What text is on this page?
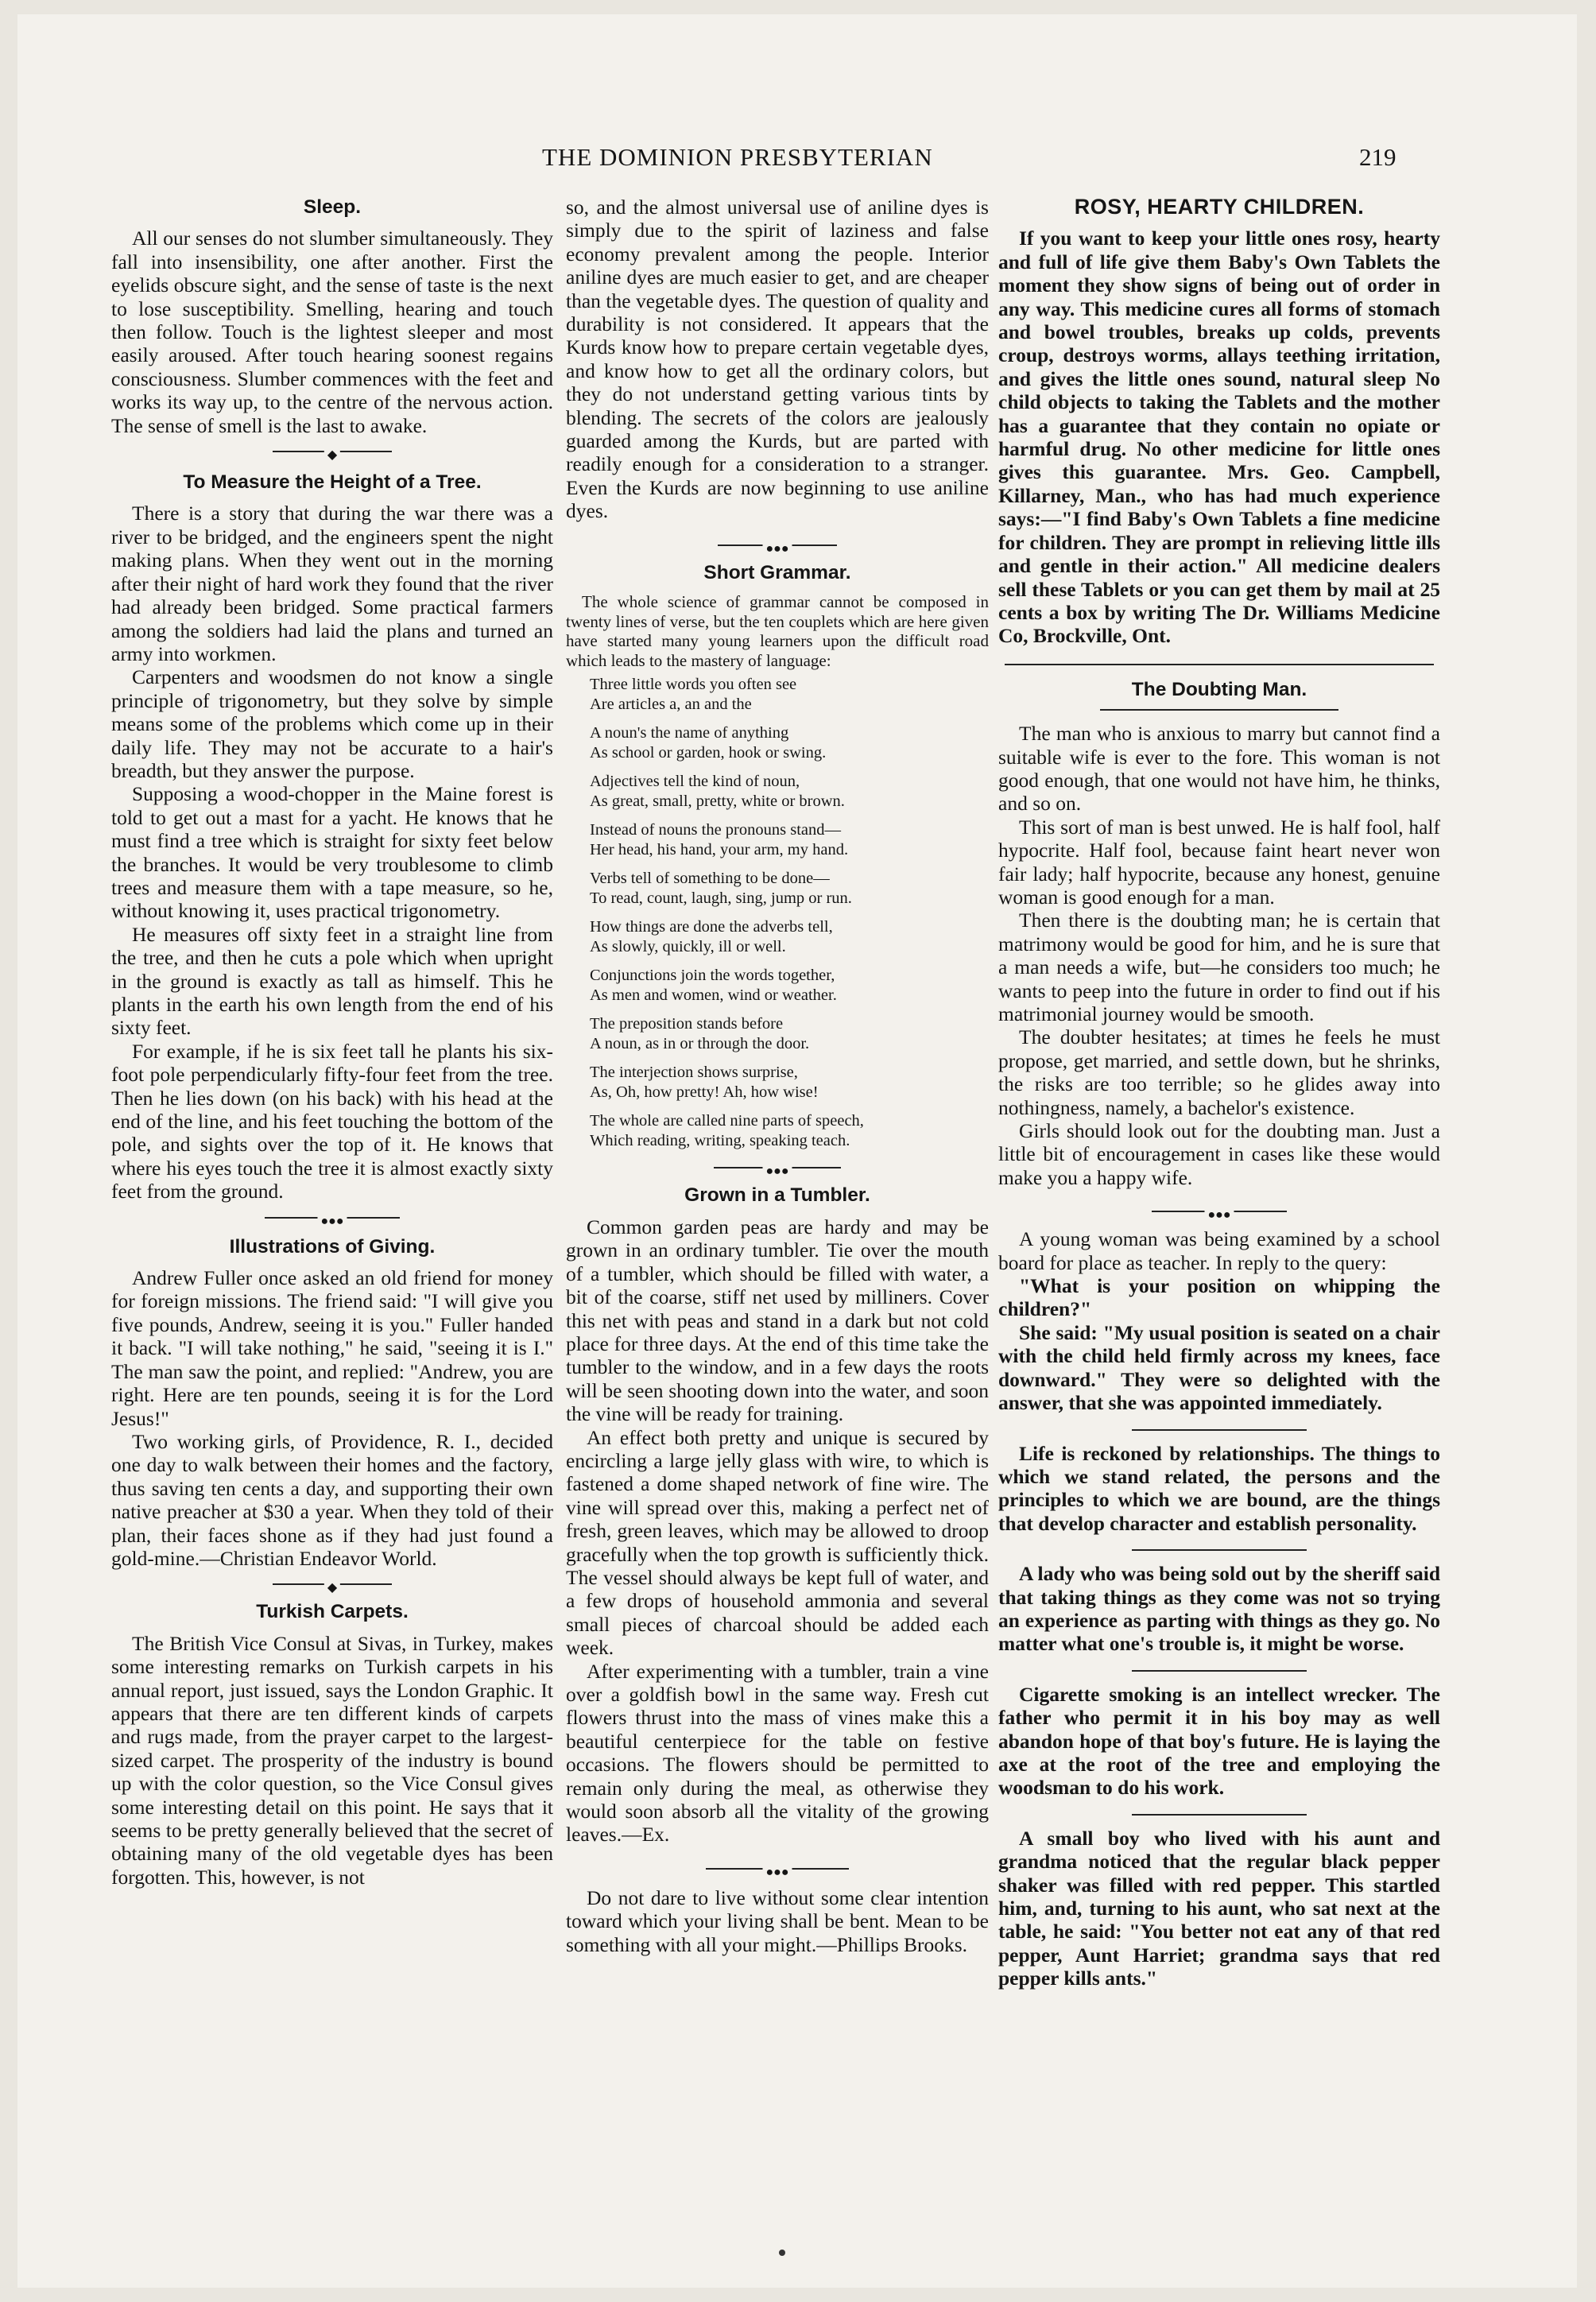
THE DOMINION PRESBYTERIAN	219
Sleep.

All our senses do not slumber simultaneously. They fall into insensibility, one after another. First the eyelids obscure sight, and the sense of taste is the next to lose susceptibility. Smelling, hearing and touch then follow. Touch is the lightest sleeper and most easily aroused. After touch hearing soonest regains consciousness. Slumber commences with the feet and works its way up, to the centre of the nervous action. The sense of smell is the last to awake.

◆
To Measure the Height of a Tree.

There is a story that during the war there was a river to be bridged, and the engineers spent the night making plans. When they went out in the morning after their night of hard work they found that the river had already been bridged. Some practical farmers among the soldiers had laid the plans and turned an army into workmen.

Carpenters and woodsmen do not know a single principle of trigonometry, but they solve by simple means some of the problems which come up in their daily life. They may not be accurate to a hair's breadth, but they answer the purpose.

Supposing a wood-chopper in the Maine forest is told to get out a mast for a yacht. He knows that he must find a tree which is straight for sixty feet below the branches. It would be very troublesome to climb trees and measure them with a tape measure, so he, without knowing it, uses practical trigonometry.

He measures off sixty feet in a straight line from the tree, and then he cuts a pole which when upright in the ground is exactly as tall as himself. This he plants in the earth his own length from the end of his sixty feet.

For example, if he is six feet tall he plants his six-foot pole perpendicularly fifty-four feet from the tree. Then he lies down (on his back) with his head at the end of the line, and his feet touching the bottom of the pole, and sights over the top of it. He knows that where his eyes touch the tree it is almost exactly sixty feet from the ground.

●●●
Illustrations of Giving.

Andrew Fuller once asked an old friend for money for foreign missions. The friend said: "I will give you five pounds, Andrew, seeing it is you." Fuller handed it back. "I will take nothing," he said, "seeing it is I." The man saw the point, and replied: "Andrew, you are right. Here are ten pounds, seeing it is for the Lord Jesus!"

Two working girls, of Providence, R. I., decided one day to walk between their homes and the factory, thus saving ten cents a day, and supporting their own native preacher at $30 a year. When they told of their plan, their faces shone as if they had just found a gold-mine.—Christian Endeavor World.

◆
Turkish Carpets.

The British Vice Consul at Sivas, in Turkey, makes some interesting remarks on Turkish carpets in his annual report, just issued, says the London Graphic. It appears that there are ten different kinds of carpets and rugs made, from the prayer carpet to the largest-sized carpet. The prosperity of the industry is bound up with the color question, so the Vice Consul gives some interesting detail on this point. He says that it seems to be pretty generally believed that the secret of obtaining many of the old vegetable dyes has been forgotten. This, however, is not

so, and the almost universal use of aniline dyes is simply due to the spirit of laziness and false economy prevalent among the people. Interior aniline dyes are much easier to get, and are cheaper than the vegetable dyes. The question of quality and durability is not considered. It appears that the Kurds know how to prepare certain vegetable dyes, and know how to get all the ordinary colors, but they do not understand getting various tints by blending. The secrets of the colors are jealously guarded among the Kurds, but are parted with readily enough for a consideration to a stranger. Even the Kurds are now beginning to use aniline dyes.

●●●
Short Grammar.

The whole science of grammar cannot be composed in twenty lines of verse, but the ten couplets which are here given have started many young learners upon the difficult road which leads to the mastery of language:

Three little words you often see
Are articles a, an and the
A noun's the name of anything
As school or garden, hook or swing.
Adjectives tell the kind of noun,
As great, small, pretty, white or brown.
Instead of nouns the pronouns stand—
Her head, his hand, your arm, my hand.
Verbs tell of something to be done—
To read, count, laugh, sing, jump or run.
How things are done the adverbs tell,
As slowly, quickly, ill or well.
Conjunctions join the words together,
As men and women, wind or weather.
The preposition stands before
A noun, as in or through the door.
The interjection shows surprise,
As, Oh, how pretty! Ah, how wise!
The whole are called nine parts of speech,
Which reading, writing, speaking teach.
●●●
Grown in a Tumbler.

Common garden peas are hardy and may be grown in an ordinary tumbler. Tie over the mouth of a tumbler, which should be filled with water, a bit of the coarse, stiff net used by milliners. Cover this net with peas and stand in a dark but not cold place for three days. At the end of this time take the tumbler to the window, and in a few days the roots will be seen shooting down into the water, and soon the vine will be ready for training.

An effect both pretty and unique is secured by encircling a large jelly glass with wire, to which is fastened a dome shaped network of fine wire. The vine will spread over this, making a perfect net of fresh, green leaves, which may be allowed to droop gracefully when the top growth is sufficiently thick. The vessel should always be kept full of water, and a few drops of household ammonia and several small pieces of charcoal should be added each week.

After experimenting with a tumbler, train a vine over a goldfish bowl in the same way. Fresh cut flowers thrust into the mass of vines make this a beautiful centerpiece for the table on festive occasions. The flowers should be permitted to remain only during the meal, as otherwise they would soon absorb all the vitality of the growing leaves.—Ex.

●●●

Do not dare to live without some clear intention toward which your living shall be bent. Mean to be something with all your might.—Phillips Brooks.

ROSY, HEARTY CHILDREN.

If you want to keep your little ones rosy, hearty and full of life give them Baby's Own Tablets the moment they show signs of being out of order in any way. This medicine cures all forms of stomach and bowel troubles, breaks up colds, prevents croup, destroys worms, allays teething irritation, and gives the little ones sound, natural sleep No child objects to taking the Tablets and the mother has a guarantee that they contain no opiate or harmful drug. No other medicine for little ones gives this guarantee. Mrs. Geo. Campbell, Killarney, Man., who has had much experience says:—"I find Baby's Own Tablets a fine medicine for children. They are prompt in relieving little ills and gentle in their action." All medicine dealers sell these Tablets or you can get them by mail at 25 cents a box by writing The Dr. Williams Medicine Co, Brockville, Ont.

The Doubting Man.

The man who is anxious to marry but cannot find a suitable wife is ever to the fore. This woman is not good enough, that one would not have him, he thinks, and so on.

This sort of man is best unwed. He is half fool, half hypocrite. Half fool, because faint heart never won fair lady; half hypocrite, because any honest, genuine woman is good enough for a man.

Then there is the doubting man; he is certain that matrimony would be good for him, and he is sure that a man needs a wife, but—he considers too much; he wants to peep into the future in order to find out if his matrimonial journey would be smooth.

The doubter hesitates; at times he feels he must propose, get married, and settle down, but he shrinks, the risks are too terrible; so he glides away into nothingness, namely, a bachelor's existence.

Girls should look out for the doubting man. Just a little bit of encouragement in cases like these would make you a happy wife.

●●●

A young woman was being examined by a school board for place as teacher. In reply to the query:

"What is your position on whipping the children?"

She said: "My usual position is seated on a chair with the child held firmly across my knees, face downward." They were so delighted with the answer, that she was appointed immediately.

Life is reckoned by relationships. The things to which we stand related, the persons and the principles to which we are bound, are the things that develop character and establish personality.

A lady who was being sold out by the sheriff said that taking things as they come was not so trying an experience as parting with things as they go. No matter what one's trouble is, it might be worse.

Cigarette smoking is an intellect wrecker. The father who permit it in his boy may as well abandon hope of that boy's future. He is laying the axe at the root of the tree and employing the woodsman to do his work.

A small boy who lived with his aunt and grandma noticed that the regular black pepper shaker was filled with red pepper. This startled him, and, turning to his aunt, who sat next at the table, he said: "You better not eat any of that red pepper, Aunt Harriet; grandma says that red pepper kills ants."
